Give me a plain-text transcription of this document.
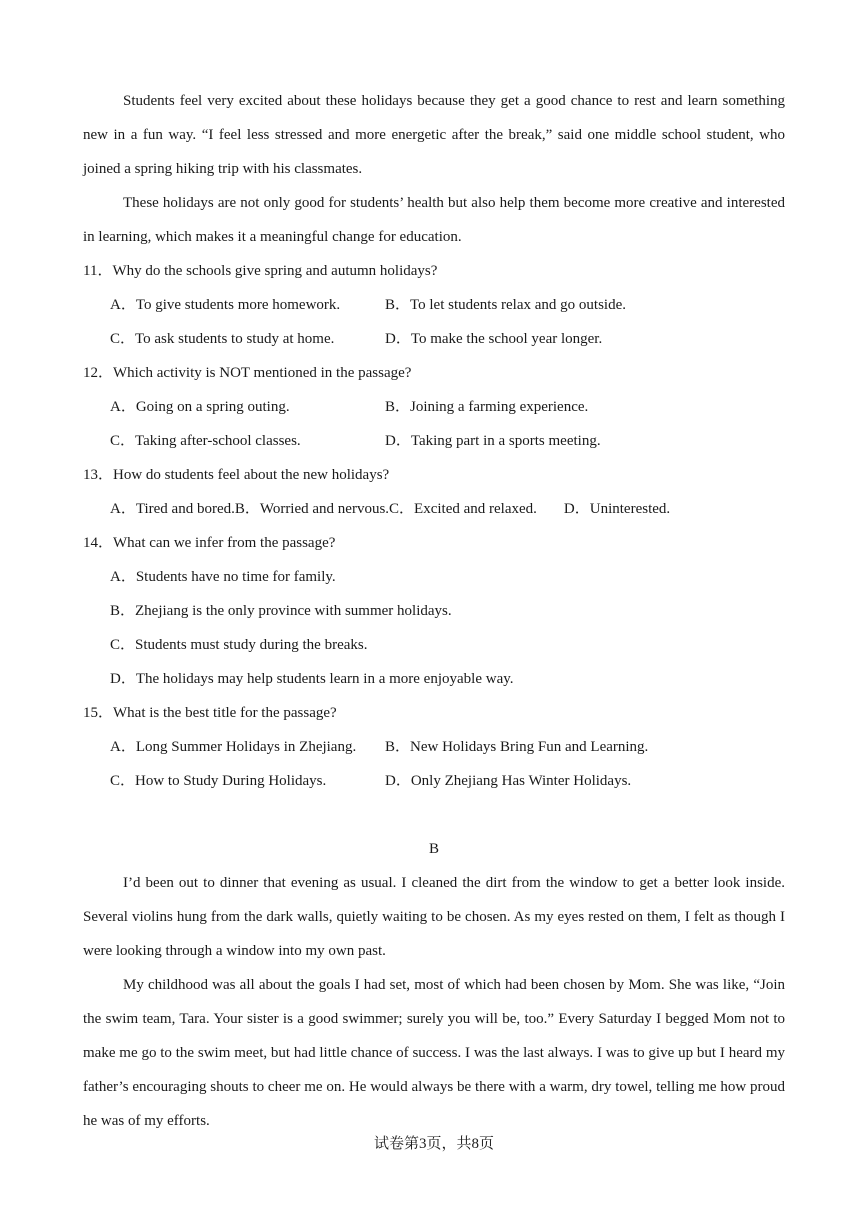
Students feel very excited about these holidays because they get a good chance to rest and learn something new in a fun way. “I feel less stressed and more energetic after the break,” said one middle school student, who joined a spring hiking trip with his classmates.

These holidays are not only good for students’ health but also help them become more creative and interested in learning, which makes it a meaningful change for education.

11．Why do the schools give spring and autumn holidays?

A．To give students more homework.	B．To let students relax and go outside.

C．To ask students to study at home.	D．To make the school year longer.

12．Which activity is NOT mentioned in the passage?

A．Going on a spring outing.	B．Joining a farming experience.

C．Taking after-school classes.	D．Taking part in a sports meeting.

13．How do students feel about the new holidays?

A．Tired and bored.B．Worried and nervous.C．Excited and relaxed. D．Uninterested.

14．What can we infer from the passage?

A．Students have no time for family.

B．Zhejiang is the only province with summer holidays.

C．Students must study during the breaks.

D．The holidays may help students learn in a more enjoyable way.

15．What is the best title for the passage?

A．Long Summer Holidays in Zhejiang. B．New Holidays Bring Fun and Learning.

C．How to Study During Holidays.	D．Only Zhejiang Has Winter Holidays.

B

I’d been out to dinner that evening as usual. I cleaned the dirt from the window to get a better look inside. Several violins hung from the dark walls, quietly waiting to be chosen. As my eyes rested on them, I felt as though I were looking through a window into my own past.

My childhood was all about the goals I had set, most of which had been chosen by Mom. She was like, “Join the swim team, Tara. Your sister is a good swimmer; surely you will be, too.” Every Saturday I begged Mom not to make me go to the swim meet, but had little chance of success. I was the last always. I was to give up but I heard my father’s encouraging shouts to cheer me on. He would always be there with a warm, dry towel, telling me how proud he was of my efforts.

试卷第3页，共8页
